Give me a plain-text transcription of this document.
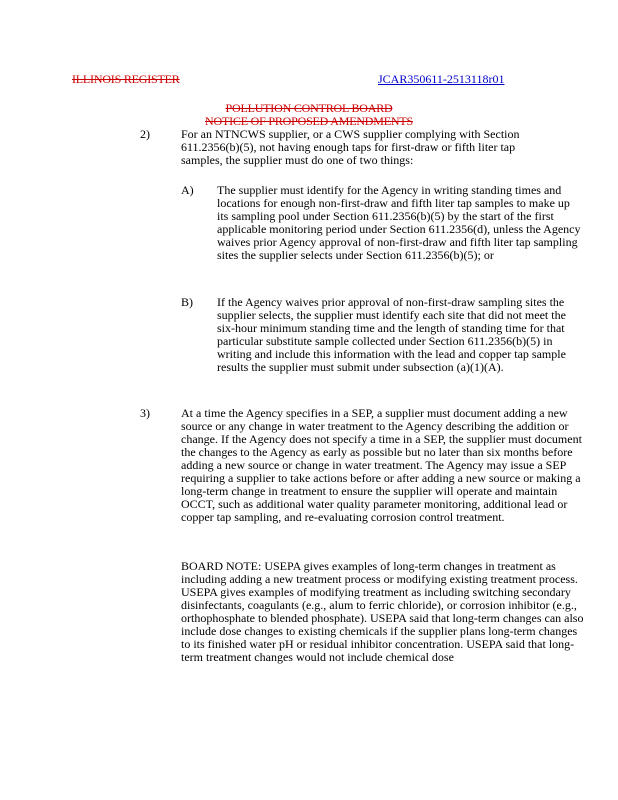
ILLINOIS REGISTER	JCAR350611-2513118r01
POLLUTION CONTROL BOARD
NOTICE OF PROPOSED AMENDMENTS
2)	For an NTNCWS supplier, or a CWS supplier complying with Section 611.2356(b)(5), not having enough taps for first-draw or fifth liter tap samples, the supplier must do one of two things:
A) The supplier must identify for the Agency in writing standing times and locations for enough non-first-draw and fifth liter tap samples to make up its sampling pool under Section 611.2356(b)(5) by the start of the first applicable monitoring period under Section 611.2356(d), unless the Agency waives prior Agency approval of non-first-draw and fifth liter tap sampling sites the supplier selects under Section 611.2356(b)(5); or
B) If the Agency waives prior approval of non-first-draw sampling sites the supplier selects, the supplier must identify each site that did not meet the six-hour minimum standing time and the length of standing time for that particular substitute sample collected under Section 611.2356(b)(5) in writing and include this information with the lead and copper tap sample results the supplier must submit under subsection (a)(1)(A).
3)	At a time the Agency specifies in a SEP, a supplier must document adding a new source or any change in water treatment to the Agency describing the addition or change. If the Agency does not specify a time in a SEP, the supplier must document the changes to the Agency as early as possible but no later than six months before adding a new source or change in water treatment. The Agency may issue a SEP requiring a supplier to take actions before or after adding a new source or making a long-term change in treatment to ensure the supplier will operate and maintain OCCT, such as additional water quality parameter monitoring, additional lead or copper tap sampling, and re-evaluating corrosion control treatment.
BOARD NOTE: USEPA gives examples of long-term changes in treatment as including adding a new treatment process or modifying existing treatment process. USEPA gives examples of modifying treatment as including switching secondary disinfectants, coagulants (e.g., alum to ferric chloride), or corrosion inhibitor (e.g., orthophosphate to blended phosphate). USEPA said that long-term changes can also include dose changes to existing chemicals if the supplier plans long-term changes to its finished water pH or residual inhibitor concentration. USEPA said that long-term treatment changes would not include chemical dose
